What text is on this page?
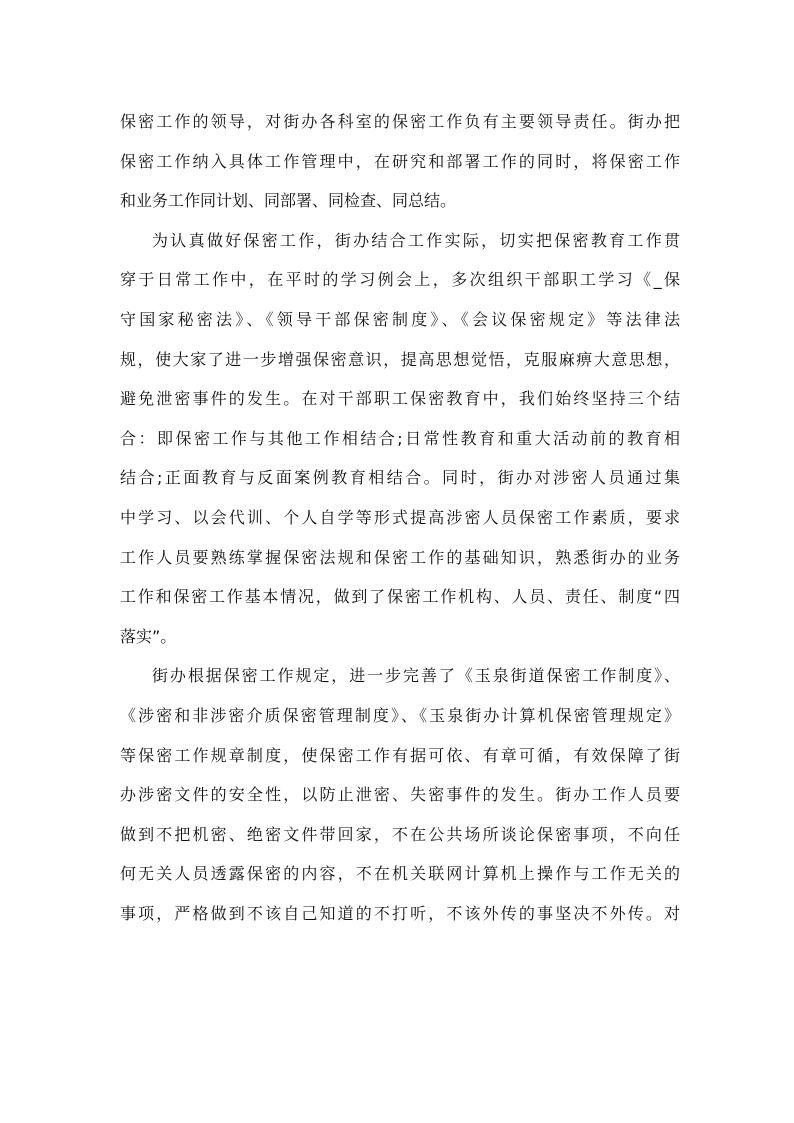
保密工作的领导，对街办各科室的保密工作负有主要领导责任。街办把
保密工作纳入具体工作管理中，在研究和部署工作的同时，将保密工作
和业务工作同计划、同部署、同检查、同总结。
为认真做好保密工作，街办结合工作实际，切实把保密教育工作贯
穿于日常工作中，在平时的学习例会上，多次组织干部职工学习《_保
守国家秘密法》、《领导干部保密制度》、《会议保密规定》等法律法
规，使大家了进一步增强保密意识，提高思想觉悟，克服麻痹大意思想，
避免泄密事件的发生。在对干部职工保密教育中，我们始终坚持三个结
合：即保密工作与其他工作相结合;日常性教育和重大活动前的教育相
结合;正面教育与反面案例教育相结合。同时，街办对涉密人员通过集
中学习、以会代训、个人自学等形式提高涉密人员保密工作素质，要求
工作人员要熟练掌握保密法规和保密工作的基础知识，熟悉街办的业务
工作和保密工作基本情况，做到了保密工作机构、人员、责任、制度“四
落实”。
街办根据保密工作规定，进一步完善了《玉泉街道保密工作制度》、
《涉密和非涉密介质保密管理制度》、《玉泉街办计算机保密管理规定》
等保密工作规章制度，使保密工作有据可依、有章可循，有效保障了街
办涉密文件的安全性，以防止泄密、失密事件的发生。街办工作人员要
做到不把机密、绝密文件带回家，不在公共场所谈论保密事项，不向任
何无关人员透露保密的内容，不在机关联网计算机上操作与工作无关的
事项，严格做到不该自己知道的不打听，不该外传的事坚决不外传。对
